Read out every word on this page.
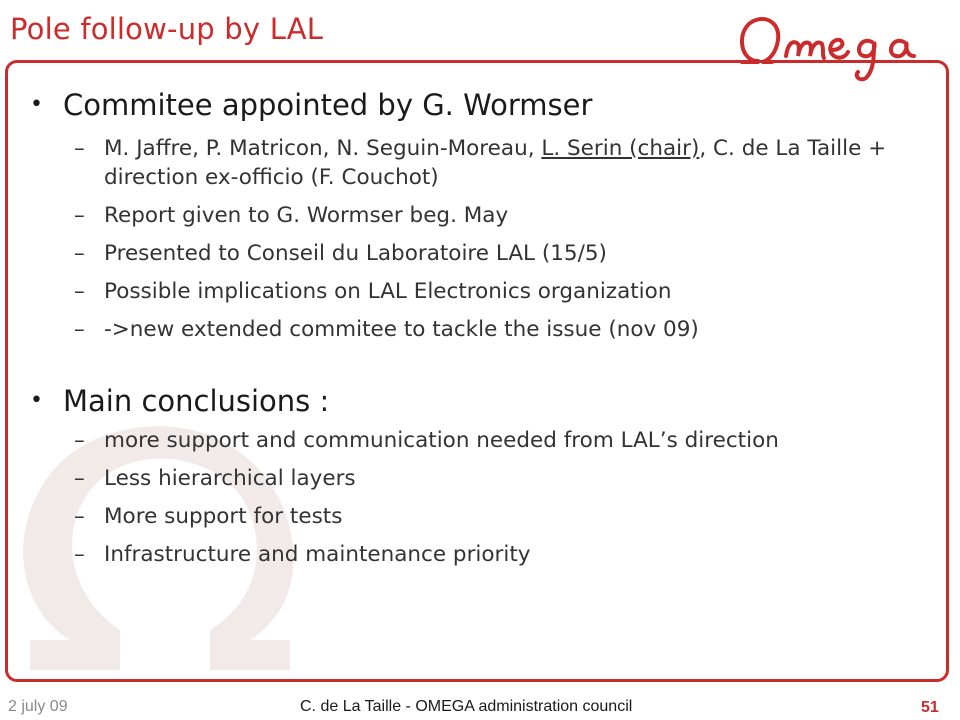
Pole follow-up by LAL
• Commitee appointed by G. Wormser
– M. Jaffre, P. Matricon, N. Seguin-Moreau, L. Serin (chair), C. de La Taille + direction ex-officio (F. Couchot)
– Report given to G. Wormser beg. May
– Presented to Conseil du Laboratoire LAL (15/5)
– Possible implications on LAL Electronics organization
– ->new extended commitee to tackle the issue (nov 09)
• Main conclusions :
– more support and communication needed from LAL’s direction
– Less hierarchical layers
– More support for tests
– Infrastructure and maintenance priority
2 july 09	C. de La Taille - OMEGA administration council	51
